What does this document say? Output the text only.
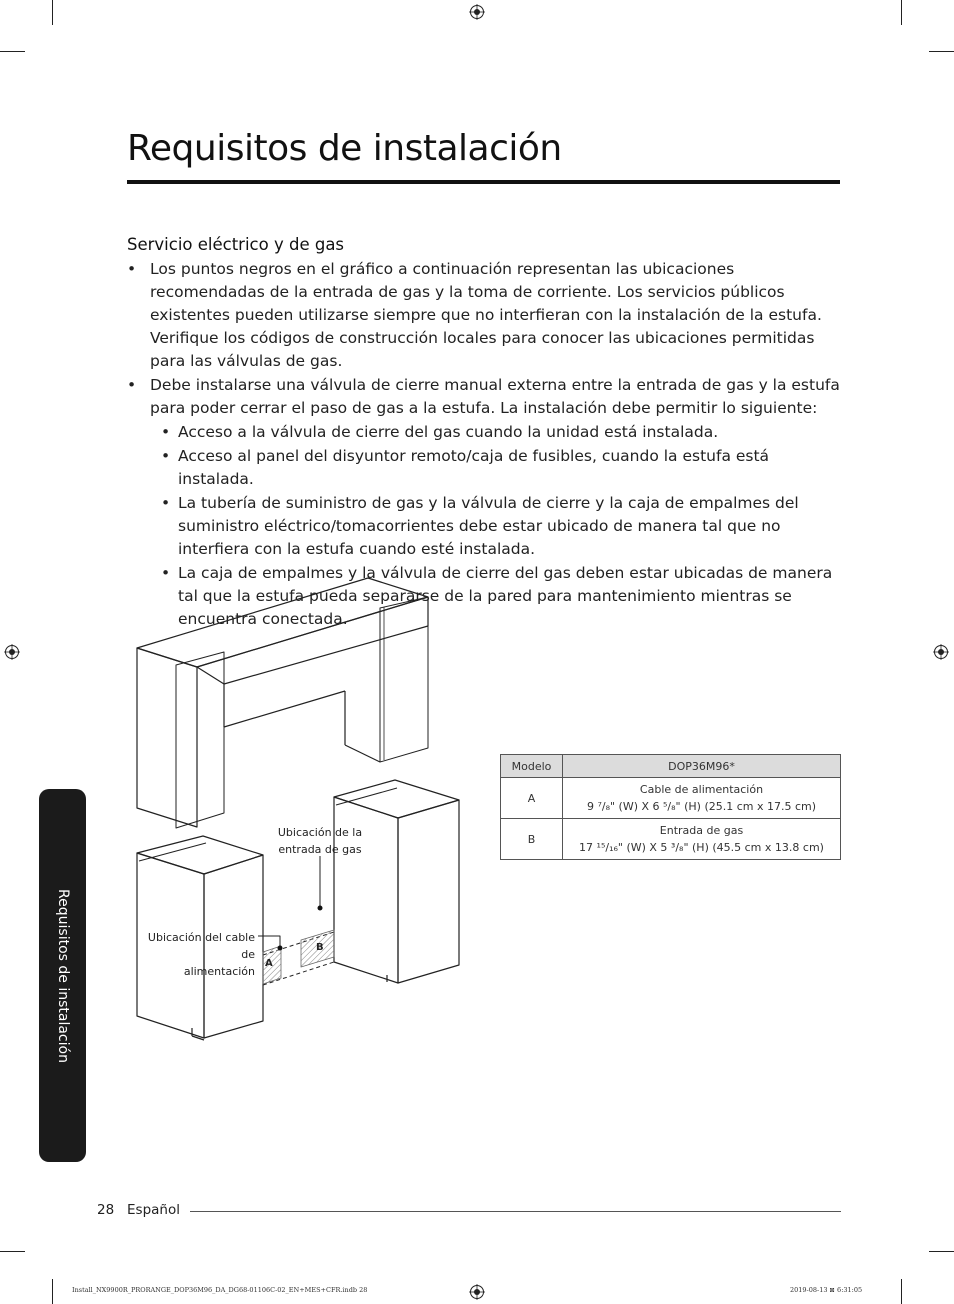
Requisitos de instalación
Servicio eléctrico y de gas
• Los puntos negros en el gráfico a continuación representan las ubicaciones recomendadas de la entrada de gas y la toma de corriente. Los servicios públicos existentes pueden utilizarse siempre que no interfieran con la instalación de la estufa. Verifique los códigos de construcción locales para conocer las ubicaciones permitidas para las válvulas de gas.
• Debe instalarse una válvula de cierre manual externa entre la entrada de gas y la estufa para poder cerrar el paso de gas a la estufa. La instalación debe permitir lo siguiente:
• Acceso a la válvula de cierre del gas cuando la unidad está instalada.
• Acceso al panel del disyuntor remoto/caja de fusibles, cuando la estufa está instalada.
• La tubería de suministro de gas y la válvula de cierre y la caja de empalmes del suministro eléctrico/tomacorrientes debe estar ubicado de manera tal que no interfiera con la estufa cuando esté instalada.
• La caja de empalmes y la válvula de cierre del gas deben estar ubicadas de manera tal que la estufa pueda separarse de la pared para mantenimiento mientras se encuentra conectada.
Ubicación de la
entrada de gas
Ubicación del cable de
alimentación
A
B
Modelo	DOP36M96*
A	Cable de alimentación
9 ⁷/₈" (W) X 6 ⁵/₈" (H) (25.1 cm x 17.5 cm)

B	Entrada de gas
17 ¹⁵/₁₆" (W) X 5 ³/₈" (H) (45.5 cm x 13.8 cm)
Requisitos de instalación
28 Español
Install_NX9900R_PRORANGE_DOP36M96_DA_DG68-01106C-02_EN+MES+CFR.indb 28	2019-08-13 ⊠ 6:31:05
